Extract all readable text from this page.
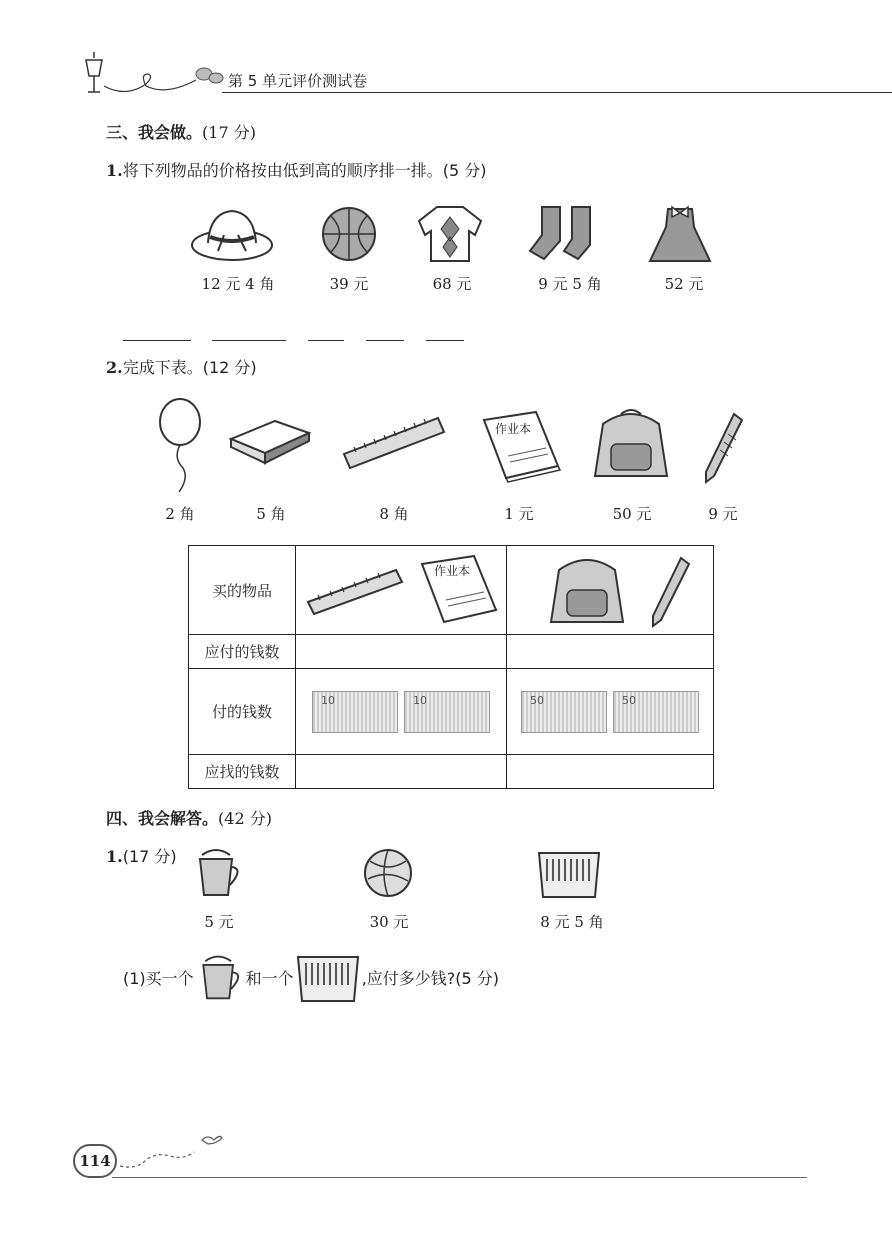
第 5 单元评价测试卷
三、我会做。(17 分)
1.将下列物品的价格按由低到高的顺序排一排。(5 分)
12 元 4 角	39 元	68 元	9 元 5 角	52 元
2.完成下表。(12 分)
作业本
2 角	5 角	8 角	1 元	50 元	9 元
买的物品	作业本

应付的钱数		
付的钱数	10 10	50 50

应找的钱数		
四、我会解答。(42 分)
1.(17 分)
5 元	30 元	8 元 5 角
(1)买一个	和一个	,应付多少钱?(5 分)
114
